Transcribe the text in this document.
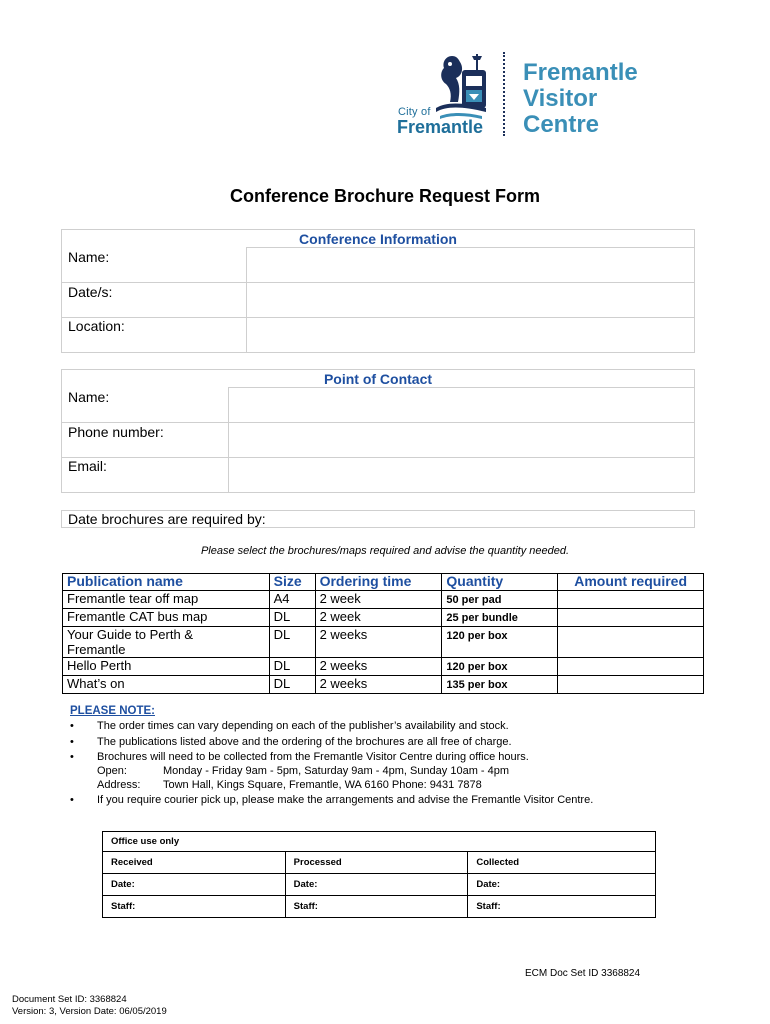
City of
Fremantle
Fremantle
Visitor
Centre
Conference Brochure Request Form
Conference Information
Name:
Date/s:
Location:
Point of Contact
Name:
Phone number:
Email:
Date brochures are required by:
Please select the brochures/maps required and advise the quantity needed.
Publication name	Size	Ordering time	Quantity	Amount required
Fremantle tear off map	A4	2 week	50 per pad	
Fremantle CAT bus map	DL	2 week	25 per bundle	

Your Guide to Perth &
Fremantle	DL	2 weeks	120 per box	
Hello Perth	DL	2 weeks	120 per box	
What’s on	DL	2 weeks	135 per box	
PLEASE NOTE:
• The order times can vary depending on each of the publisher’s availability and stock.
• The publications listed above and the ordering of the brochures are all free of charge.
• Brochures will need to be collected from the Fremantle Visitor Centre during office hours.
Open:	Monday - Friday 9am - 5pm, Saturday 9am - 4pm, Sunday 10am - 4pm
Address: Town Hall, Kings Square, Fremantle, WA 6160 Phone: 9431 7878
• If you require courier pick up, please make the arrangements and advise the Fremantle Visitor Centre.
Office use only		
Received	Processed	Collected
Date:	Date:	Date:
Staff:	Staff:	Staff:
ECM Doc Set ID 3368824
Document Set ID: 3368824
Version: 3, Version Date: 06/05/2019
